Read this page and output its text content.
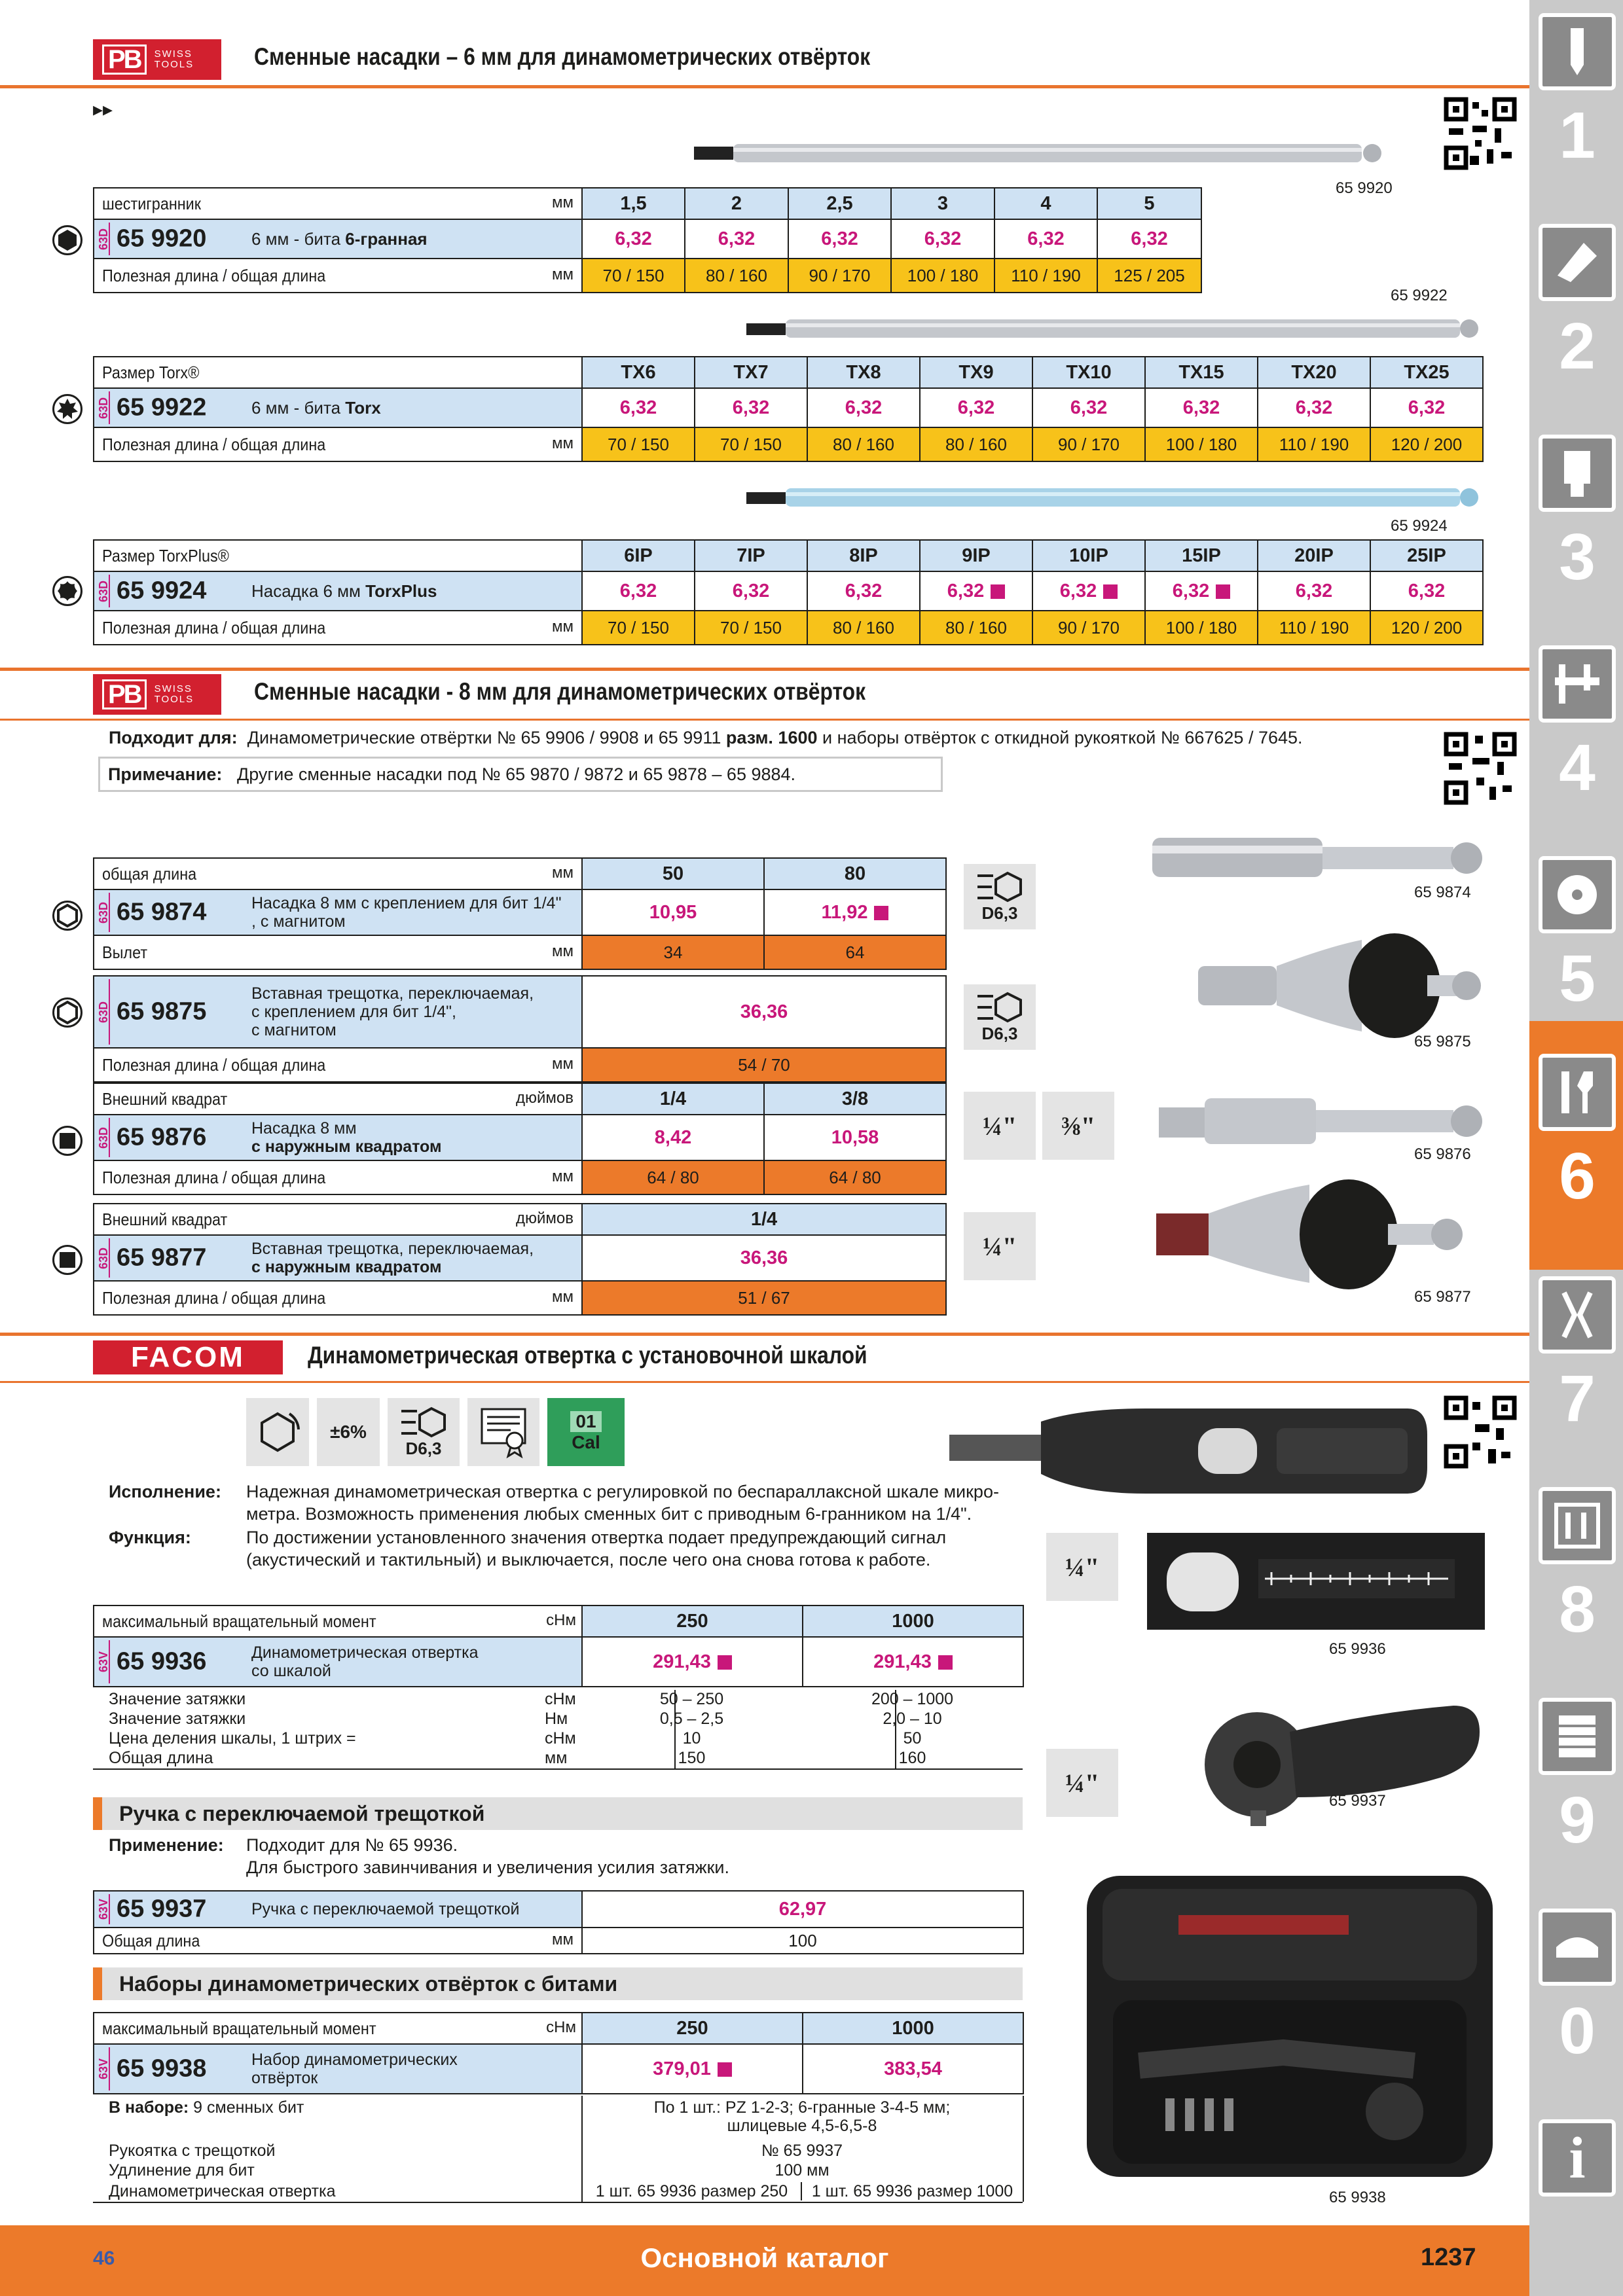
PB	SWISS
TOOLS Сменные насадки – 6 мм для динамометрических отвёрток
▸▸
65 9920
шестигранник мм	1,5	2	2,5	3	4	5

63D 65 9920 6 мм - бита 6-гранная	6,32	6,32	6,32	6,32	6,32	6,32
Полезная длина / общая длина мм	70 / 150	80 / 160	90 / 170	100 / 180	110 / 190	125 / 205
65 9922
Размер Torx®	TX6	TX7	TX8	TX9	TX10	TX15	TX20	TX25

63D 65 9922 6 мм - бита Torx	6,32	6,32	6,32	6,32	6,32	6,32	6,32	6,32
Полезная длина / общая длина мм	70 / 150	70 / 150	80 / 160	80 / 160	90 / 170	100 / 180	110 / 190	120 / 200
65 9924
Размер TorxPlus®	6IP	7IP	8IP	9IP	10IP	15IP	20IP	25IP

63D 65 9924 Насадка 6 мм TorxPlus	6,32	6,32	6,32	6,32	6,32	6,32	6,32	6,32
Полезная длина / общая длина мм	70 / 150	70 / 150	80 / 160	80 / 160	90 / 170	100 / 180	110 / 190	120 / 200
PB	SWISS
TOOLS Сменные насадки - 8 мм для динамометрических отвёрток
Подходит для: Динамометрические отвёртки № 65 9906 / 9908 и 65 9911 разм. 1600 и наборы отвёрток с откидной рукояткой № 667625 / 7645.
Примечание:
Другие сменные насадки под № 65 9870 / 9872 и 65 9878 – 65 9884.
общая длина мм	50	80

63D 65 9874 Насадка 8 мм с креплением для бит 1/4"
, с магнитом	10,95	11,92
Вылет мм	34	64
D6,3
65 9874
63D 65 9875
Вставная трещотка, переключаемая,
с креплением для бит 1/4",
с магнитом	36,36
Полезная длина / общая длина мм	54 / 70
D6,3	65 9875
Внешний квадрат дюймов	1/4	3/8

63D 65 9876 Насадка 8 мм
с наружным квадратом	8,42	10,58
Полезная длина / общая длина мм	64 / 80	64 / 80
¼"	⅜"
65 9876
Внешний квадрат дюймов	1/4

63D 65 9877 Вставная трещотка, переключаемая,
с наружным квадратом	36,36
Полезная длина / общая длина мм	51 / 67
¼"
65 9877
FACOM	Динамометрическая отвертка с установочной шкалой
±6%
D6,3
01
Cal
Исполнение: Надежная динамометрическая отвертка с регулировкой по беспараллаксной шкале микро-
метра. Возможность применения любых сменных бит с приводным 6-гранником на 1/4".
Функция:	По достижении установленного значения отвертка подает предупреждающий сигнал
(акустический и тактильный) и выключается, после чего она снова готова к работе.
максимальный вращательный момент сНм	250	1000

63V 65 9936 Динамометрическая отвертка
со шкалой	291,43	291,43
Значение затяжки	сНм	50 – 250	200 – 1000
Значение затяжки	Нм	0,5 – 2,5	2,0 – 10
Цена деления шкалы, 1 штрих =	сНм	10	50
Общая длина	мм	150	160
¼"
65 9936
Ручка с переключаемой трещоткой
Применение: Подходит для № 65 9936.
Для быстрого завинчивания и увеличения усилия затяжки.
63V 65 9937 Ручка с переключаемой трещоткой	62,97
Общая длина мм	100
¼"
65 9937
Наборы динамометрических отвёрток с битами
максимальный вращательный момент сНм	250	1000

63V 65 9938 Набор динамометрических
отвёрток	379,01	383,54
В наборе: 9 сменных бит	По 1 шт.: PZ 1-2-3; 6-гранные 3-4-5 мм;
шлицевые 4,5-6,5-8
Рукоятка с трещоткой	№ 65 9937
Удлинение для бит	100 мм
Динамометрическая отвертка	1 шт. 65 9936 размер 250	1 шт. 65 9936 размер 1000	65 9938
1
2
3
4
5
6
7
8
9
0
i
46	Основной каталог	1237
